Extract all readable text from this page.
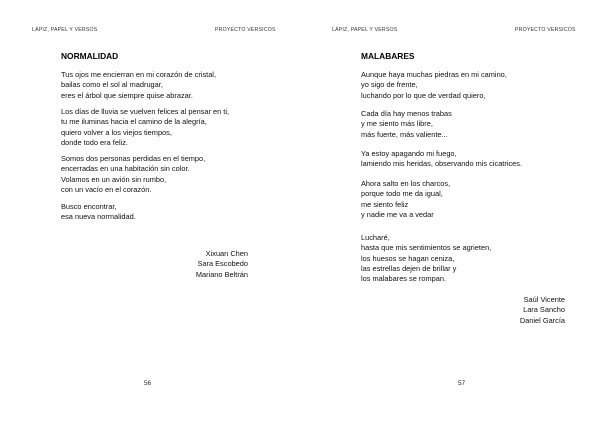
LÁPIZ, PAPEL Y VERSOS	PROYECTO VERSICOS
NORMALIDAD
Tus ojos me encierran en mi corazón de cristal,
bailas como el sol al madrugar,
eres el árbol que siempre quise abrazar.
Los días de lluvia se vuelven felices al pensar en ti,
tu me iluminas hacia el camino de la alegría,
quiero volver a los viejos tiempos,
donde todo era feliz.
Somos dos personas perdidas en el tiempo,
encerradas en una habitación sin color.
Volamos en un avión sin rumbo,
con un vacío en el corazón.
Busco encontrar,
esa nueva normalidad.
Xixuan Chen
Sara Escobedo
Mariano Beltrán
56
LÁPIZ, PAPEL Y VERSOS	PROYECTO VERSICOS
MALABARES
Aunque haya muchas piedras en mi camino,
yo sigo de frente,
luchando por lo que de verdad quiero,
Cada día hay menos trabas
y me siento más libre,
más fuerte, más valiente...
Ya estoy apagando mi fuego,
lamiendo mis heridas, observando mis cicatrices.
Ahora salto en los charcos,
porque todo me da igual,
me siento feliz
y nadie me va a vedar
Lucharé,
hasta que mis sentimientos se agrieten,
los huesos se hagan ceniza,
las estrellas dejen de brillar y
los malabares se rompan.
Saúl Vicente
Lara Sancho
Daniel García
57
